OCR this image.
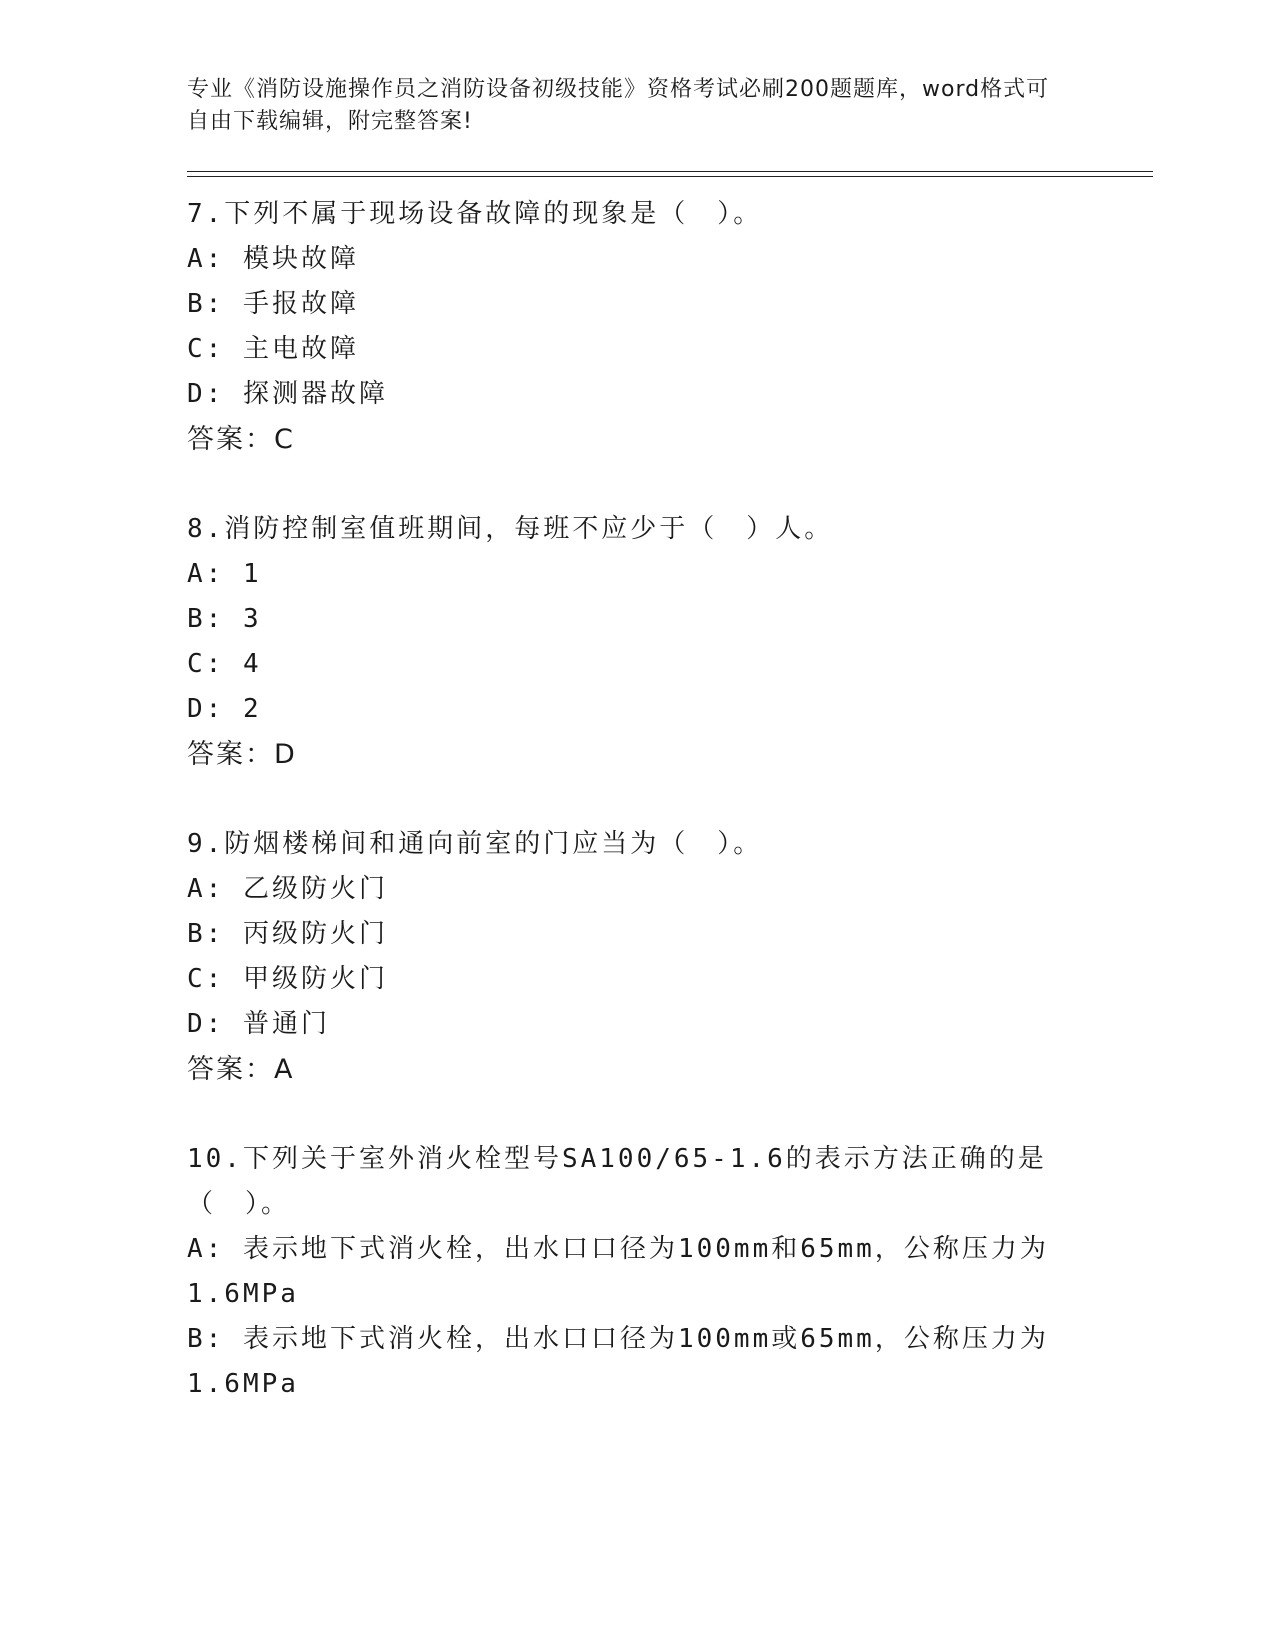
专业《消防设施操作员之消防设备初级技能》资格考试必刷200题题库，word格式可自由下载编辑，附完整答案!
7.下列不属于现场设备故障的现象是（　）。
A: 模块故障
B: 手报故障
C: 主电故障
D: 探测器故障
答案：C
8.消防控制室值班期间，每班不应少于（　）人。
A: 1
B: 3
C: 4
D: 2
答案：D
9.防烟楼梯间和通向前室的门应当为（　）。
A: 乙级防火门
B: 丙级防火门
C: 甲级防火门
D: 普通门
答案：A
10.下列关于室外消火栓型号SA100/65-1.6的表示方法正确的是（　）。
A: 表示地下式消火栓，出水口口径为100mm和65mm，公称压力为1.6MPa
B: 表示地下式消火栓，出水口口径为100mm或65mm，公称压力为1.6MPa
